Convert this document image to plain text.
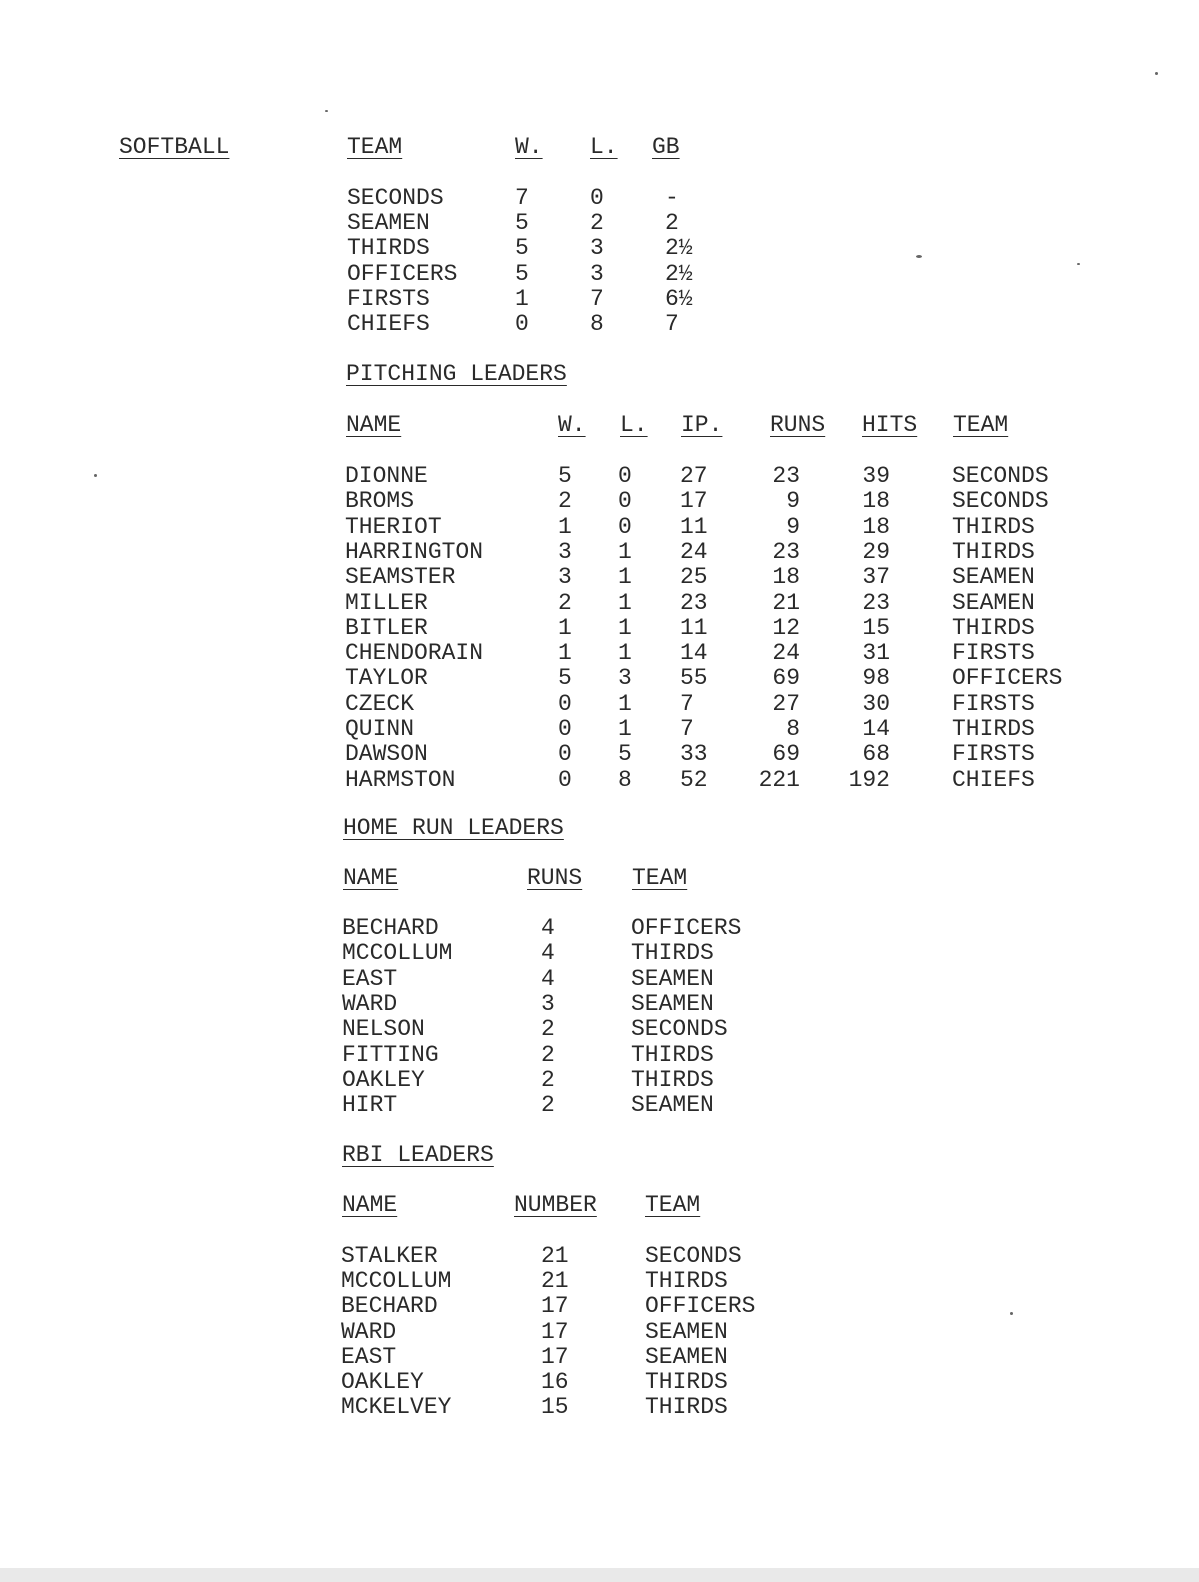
SOFTBALL	TEAM	W. L. GB
SECONDS	7	0	-
SEAMEN	5	2	2
THIRDS	5	3	2½
OFFICERS	5	3	2½
FIRSTS	1	7	6½
CHIEFS	0	8	7
PITCHING LEADERS
NAME	W. L. IP. RUNS HITS TEAM
DIONNE	5 0 27	23	39	SECONDS
BROMS	2 0 17	9	18	SECONDS
THERIOT	1 0 11	9	18	THIRDS
HARRINGTON	3 1 24	23	29	THIRDS
SEAMSTER	3 1 25	18	37	SEAMEN
MILLER	2 1 23	21	23	SEAMEN
BITLER	1 1 11	12	15	THIRDS
CHENDORAIN	1 1 14	24	31	FIRSTS
TAYLOR	5 3 55	69	98	OFFICERS
CZECK	0 1 7	27	30	FIRSTS
QUINN	0 1 7	8	14	THIRDS
DAWSON	0 5 33	69	68	FIRSTS
HARMSTON	0 8 52	221	192	CHIEFS
HOME RUN LEADERS
NAME	RUNS TEAM
BECHARD	4	OFFICERS
MCCOLLUM	4	THIRDS
EAST	4	SEAMEN
WARD	3	SEAMEN
NELSON	2	SECONDS
FITTING	2	THIRDS
OAKLEY	2	THIRDS
HIRT	2	SEAMEN
RBI LEADERS
NAME	NUMBER TEAM
STALKER	21	SECONDS
MCCOLLUM	21	THIRDS
BECHARD	17	OFFICERS
WARD	17	SEAMEN
EAST	17	SEAMEN
OAKLEY	16	THIRDS
MCKELVEY	15	THIRDS
